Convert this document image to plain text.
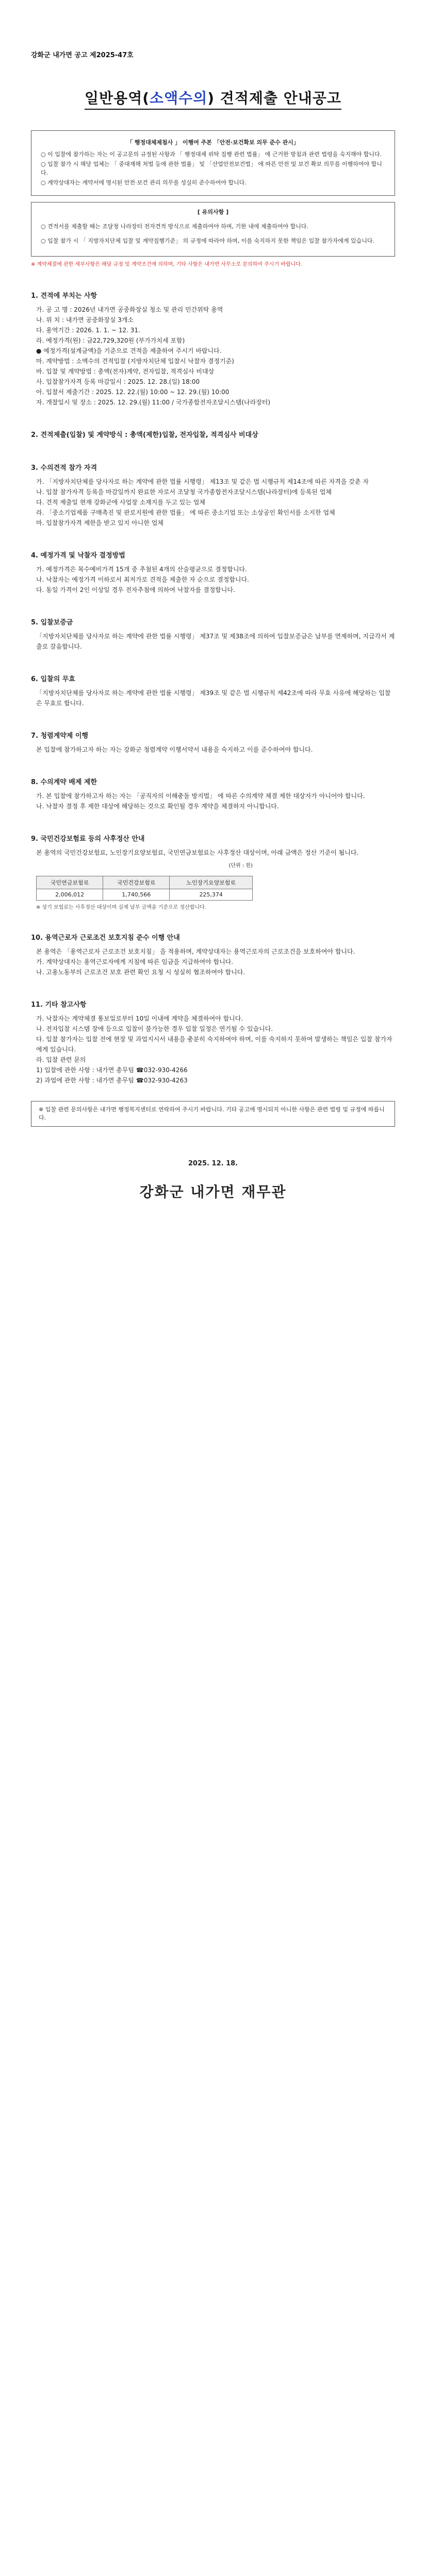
강화군 내가면 공고 제2025-47호
일반용역(소액수의) 견적제출 안내공고
「 행정대체제첨사 」 이행여 주본 「안전·보건확보 의무 준수 관시」

○ 이 입찰에 참가하는 자는 이 공고문의 규정된 사항과 「 행정대체 위탁 집행 관련 법률」 에 근거한 방침과 관련 법령을 숙지해야 합니다.

○ 입찰 참가 시 해당 업체는 「 중대재해 처벌 등에 관한 법률」 및 「산업안전보건법」 에 따른 안전 및 보건 확보 의무를 이행하여야 합니다.

○ 계약상대자는 계약서에 명시된 안전·보건 관리 의무를 성실히 준수하여야 합니다.

[ 유의사항 ]

○ 견적서를 제출할 때는 조달청 나라장터 전자견적 방식으로 제출하여야 하며, 기한 내에 제출하여야 합니다.

○ 입찰 참가 시 「 지방자치단체 입찰 및 계약집행기준」 의 규정에 따라야 하며, 이를 숙지하지 못한 책임은 입찰 참가자에게 있습니다.

※ 계약체결에 관한 세부사항은 해당 규정 및 계약조건에 의하며, 기타 사항은 내가면 사무소로 문의하여 주시기 바랍니다.
1. 견적에 부치는 사항

가. 공 고 명 : 2026년 내가면 공중화장실 청소 및 관리 민간위탁 용역

나. 위 치 : 내가면 공중화장실 3개소

다. 용역기간 : 2026. 1. 1. ~ 12. 31.

라. 예정가격(원) : 금22,729,320원 (부가가치세 포함)

● 예정가격(설계금액)을 기준으로 견적을 제출하여 주시기 바랍니다.

마. 계약방법 : 소액수의 견적입찰 (지방자치단체 입찰시 낙찰자 결정기준)

바. 입찰 및 계약방법 : 총액(전자)계약, 전자입찰, 적격심사 비대상

사. 입찰참가자격 등록 마감일시 : 2025. 12. 28.(일) 18:00

아. 입찰서 제출기간 : 2025. 12. 22.(월) 10:00 ~ 12. 29.(월) 10:00

자. 개찰일시 및 장소 : 2025. 12. 29.(월) 11:00 / 국가종합전자조달시스템(나라장터)

2. 견적제출(입찰) 및 계약방식 : 총액(제한)입찰, 전자입찰, 적격심사 비대상
3. 수의견적 참가 자격

가. 「지방자치단체를 당사자로 하는 계약에 관한 법률 시행령」 제13조 및 같은 법 시행규칙 제14조에 따른 자격을 갖춘 자

나. 입찰 참가자격 등록을 마감일까지 완료한 자로서 조달청 국가종합전자조달시스템(나라장터)에 등록된 업체

다. 견적 제출일 현재 강화군에 사업장 소재지를 두고 있는 업체

라. 「중소기업제품 구매촉진 및 판로지원에 관한 법률」 에 따른 중소기업 또는 소상공인 확인서를 소지한 업체

마. 입찰참가자격 제한을 받고 있지 아니한 업체

4. 예정가격 및 낙찰자 결정방법

가. 예정가격은 복수예비가격 15개 중 추첨된 4개의 산술평균으로 결정합니다.

나. 낙찰자는 예정가격 이하로서 최저가로 견적을 제출한 자 순으로 결정합니다.

다. 동일 가격이 2인 이상일 경우 전자추첨에 의하여 낙찰자를 결정합니다.

5. 입찰보증금

「지방자치단체를 당사자로 하는 계약에 관한 법률 시행령」 제37조 및 제38조에 의하여 입찰보증금은 납부를 면제하며, 지급각서 제출로 갈음합니다.

6. 입찰의 무효

「지방자치단체를 당사자로 하는 계약에 관한 법률 시행령」 제39조 및 같은 법 시행규칙 제42조에 따라 무효 사유에 해당하는 입찰은 무효로 합니다.

7. 청렴계약제 이행

본 입찰에 참가하고자 하는 자는 강화군 청렴계약 이행서약서 내용을 숙지하고 이를 준수하여야 합니다.

8. 수의계약 배제 제한

가. 본 입찰에 참가하고자 하는 자는 「공직자의 이해충돌 방지법」 에 따른 수의계약 체결 제한 대상자가 아니어야 합니다.

나. 낙찰자 결정 후 제한 대상에 해당하는 것으로 확인될 경우 계약을 체결하지 아니합니다.

9. 국민건강보험료 등의 사후정산 안내

본 용역의 국민건강보험료, 노인장기요양보험료, 국민연금보험료는 사후정산 대상이며, 아래 금액은 정산 기준이 됩니다.

(단위 : 원)
국민연금보험료	국민건강보험료	노인장기요양보험료
2,006,012	1,740,566	225,374
※ 상기 보험료는 사후정산 대상이며 실제 납부 금액을 기준으로 정산합니다.
10. 용역근로자 근로조건 보호지침 준수 이행 안내

본 용역은 「용역근로자 근로조건 보호지침」 을 적용하며, 계약상대자는 용역근로자의 근로조건을 보호하여야 합니다.

가. 계약상대자는 용역근로자에게 지침에 따른 임금을 지급하여야 합니다.

나. 고용노동부의 근로조건 보호 관련 확인 요청 시 성실히 협조하여야 합니다.

11. 기타 참고사항

가. 낙찰자는 계약체결 통보일로부터 10일 이내에 계약을 체결하여야 합니다.

나. 전자입찰 시스템 장애 등으로 입찰이 불가능한 경우 입찰 일정은 연기될 수 있습니다.

다. 입찰 참가자는 입찰 전에 현장 및 과업지시서 내용을 충분히 숙지하여야 하며, 이를 숙지하지 못하여 발생하는 책임은 입찰 참가자에게 있습니다.

라. 입찰 관련 문의

1) 입찰에 관한 사항 : 내가면 총무팀 ☎032-930-4266

2) 과업에 관한 사항 : 내가면 총무팀 ☎032-930-4263

※ 입찰 관련 문의사항은 내가면 행정복지센터로 연락하여 주시기 바랍니다. 기타 공고에 명시되지 아니한 사항은 관련 법령 및 규정에 따릅니다.
2025. 12. 18.
강화군 내가면 재무관
